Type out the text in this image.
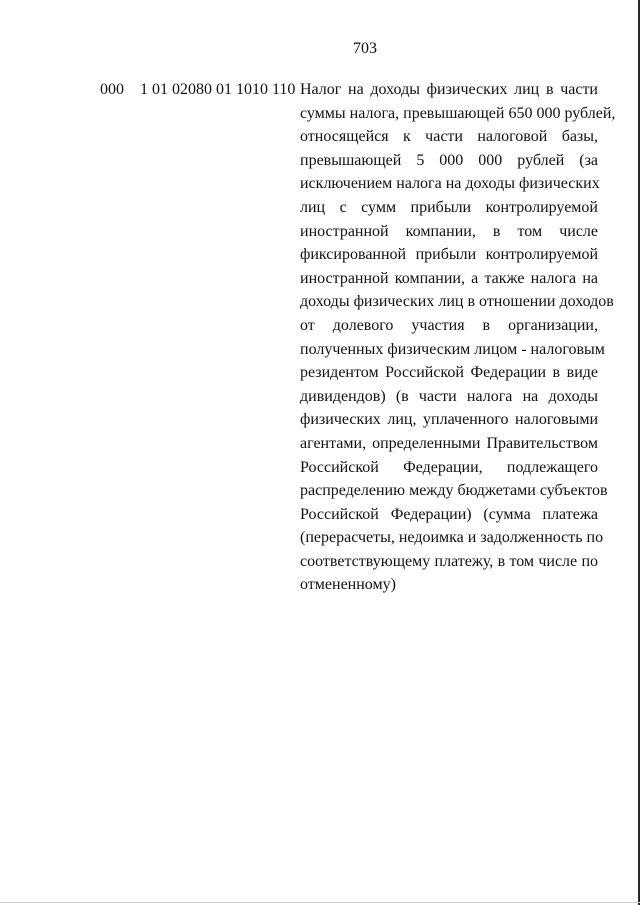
703
000 1 01 02080 01 1010 110 Налог на доходы физических лиц в части
суммы налога, превышающей 650 000 рублей,
относящейся к части налоговой базы,
превышающей 5 000 000 рублей (за
исключением налога на доходы физических
лиц с сумм прибыли контролируемой
иностранной компании, в том числе
фиксированной прибыли контролируемой
иностранной компании, а также налога на
доходы физических лиц в отношении доходов
от долевого участия в организации,
полученных физическим лицом - налоговым
резидентом Российской Федерации в виде
дивидендов) (в части налога на доходы
физических лиц, уплаченного налоговыми
агентами, определенными Правительством
Российской Федерации, подлежащего
распределению между бюджетами субъектов
Российской Федерации) (сумма платежа
(перерасчеты, недоимка и задолженность по
соответствующему платежу, в том числе по
отмененному)
